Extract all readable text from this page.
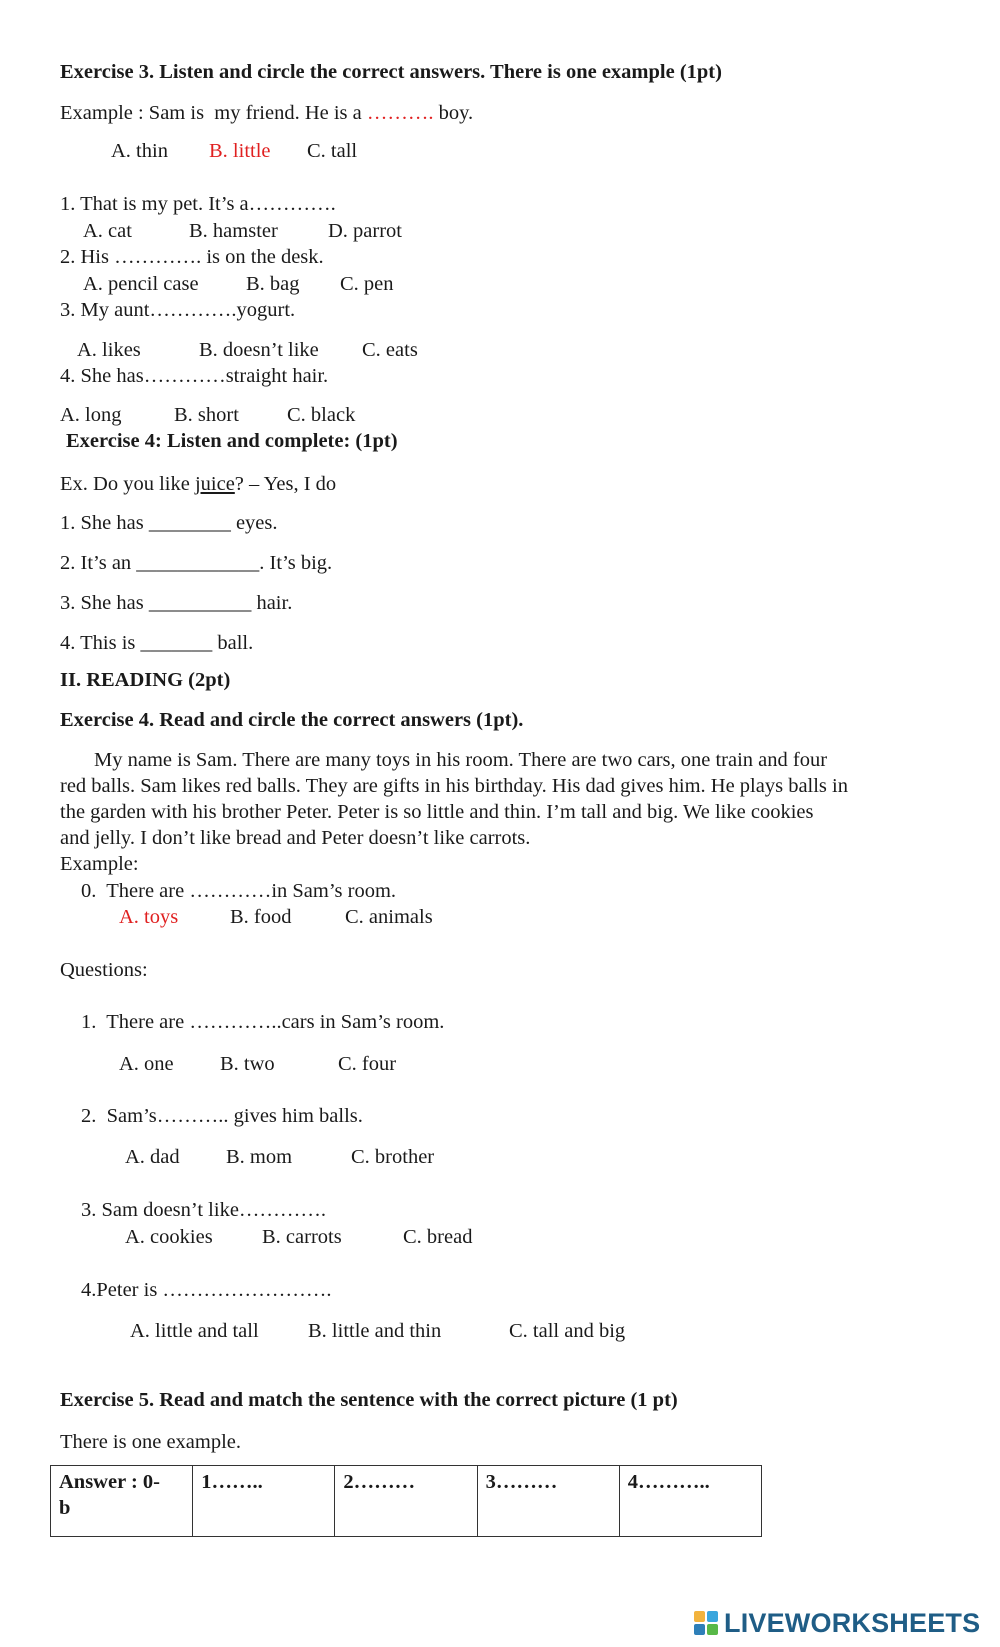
Exercise 3. Listen and circle the correct answers. There is one example (1pt)
Example : Sam is  my friend. He is a ………. boy.
A. thin B. little C. tall
1. That is my pet. It’s a………….
A. cat	B. hamster D. parrot
2. His …………. is on the desk.
A. pencil case B. bag C. pen
3. My aunt………….yogurt.
A. likes	B. doesn’t like C. eats
4. She has…………straight hair.
A. long	B. short C. black
Exercise 4: Listen and complete: (1pt)
Ex. Do you like juice? – Yes, I do
1. She has ________ eyes.
2. It’s an ____________. It’s big.
3. She has __________ hair.
4. This is _______ ball.
II. READING (2pt)
Exercise 4. Read and circle the correct answers (1pt).
My name is Sam. There are many toys in his room. There are two cars, one train and four
red balls. Sam likes red balls. They are gifts in his birthday. His dad gives him. He plays balls in
the garden with his brother Peter. Peter is so little and thin. I’m tall and big. We like cookies
and jelly. I don’t like bread and Peter doesn’t like carrots.
Example:
0.  There are …………in Sam’s room.
A. toys	B. food	C. animals
Questions:
1.  There are …………..cars in Sam’s room.
A. one B. two	C. four
2.  Sam’s……….. gives him balls.
A. dad B. mom	C. brother
3. Sam doesn’t like………….
A. cookies B. carrots	C. bread
4.Peter is …………………….
A. little and tall B. little and thin	C. tall and big
Exercise 5. Read and match the sentence with the correct picture (1 pt)
There is one example.
Answer : 0-
b	1……..	2………	3………	4………..
LIVEWORKSHEETS
